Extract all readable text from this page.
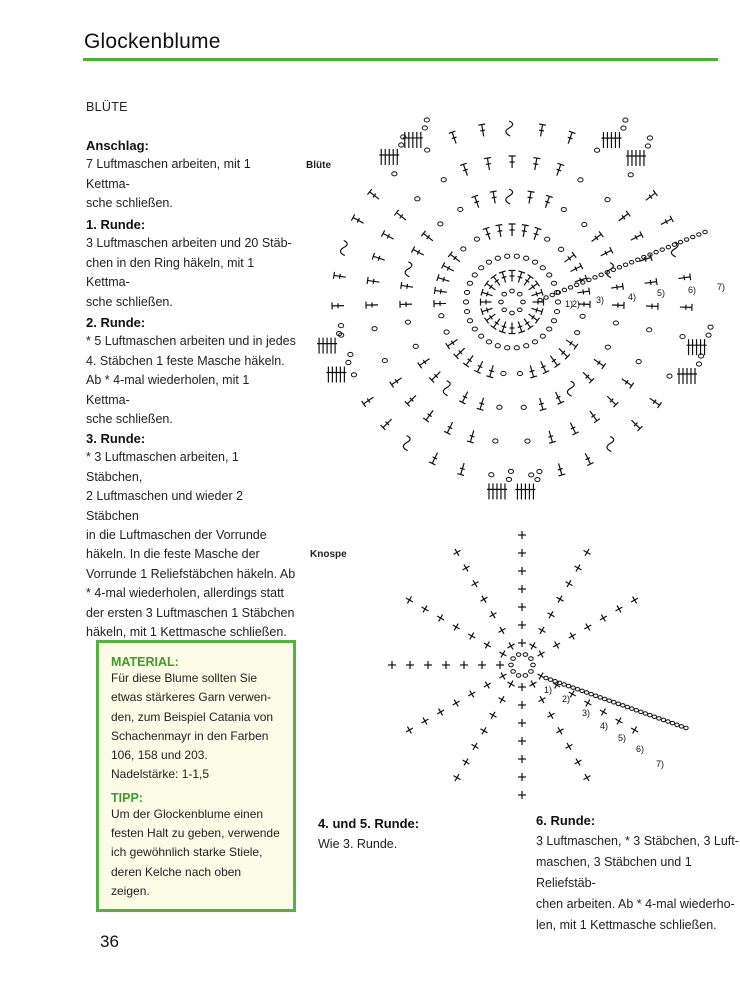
Glockenblume
BLÜTE
Anschlag:

7 Luftmaschen arbeiten, mit 1 Kettma-

sche schließen.

1. Runde:

3 Luftmaschen arbeiten und 20 Stäb-

chen in den Ring häkeln, mit 1 Kettma-

sche schließen.

2. Runde:

* 5 Luftmaschen arbeiten und in jedes

4. Stäbchen 1 feste Masche häkeln.

Ab * 4-mal wiederholen, mit 1 Kettma-

sche schließen.

3. Runde:

* 3 Luftmaschen arbeiten, 1 Stäbchen,

2 Luftmaschen und wieder 2 Stäbchen

in die Luftmaschen der Vorrunde

häkeln. In die feste Masche der

Vorrunde 1 Reliefstäbchen häkeln. Ab

* 4-mal wiederholen, allerdings statt

der ersten 3 Luftmaschen 1 Stäbchen

häkeln, mit 1 Kettmasche schließen.

Blüte
Knospe
1)
2) 3)	4) 5)	6) 7)
1)
2)
3)
4)
5)
6)
7)
MATERIAL:

Für diese Blume sollten Sie

etwas stärkeres Garn verwen-

den, zum Beispiel Catania von

Schachenmayr in den Farben

106, 158 und 203.

Nadelstärke: 1-1,5

TIPP:

Um der Glockenblume einen

festen Halt zu geben, verwende

ich gewöhnlich starke Stiele,

deren Kelche nach oben zeigen.

4. und 5. Runde:

Wie 3. Runde.

6. Runde:

3 Luftmaschen, * 3 Stäbchen, 3 Luft-

maschen, 3 Stäbchen und 1 Reliefstäb-

chen arbeiten. Ab * 4-mal wiederho-

len, mit 1 Kettmasche schließen.

36
